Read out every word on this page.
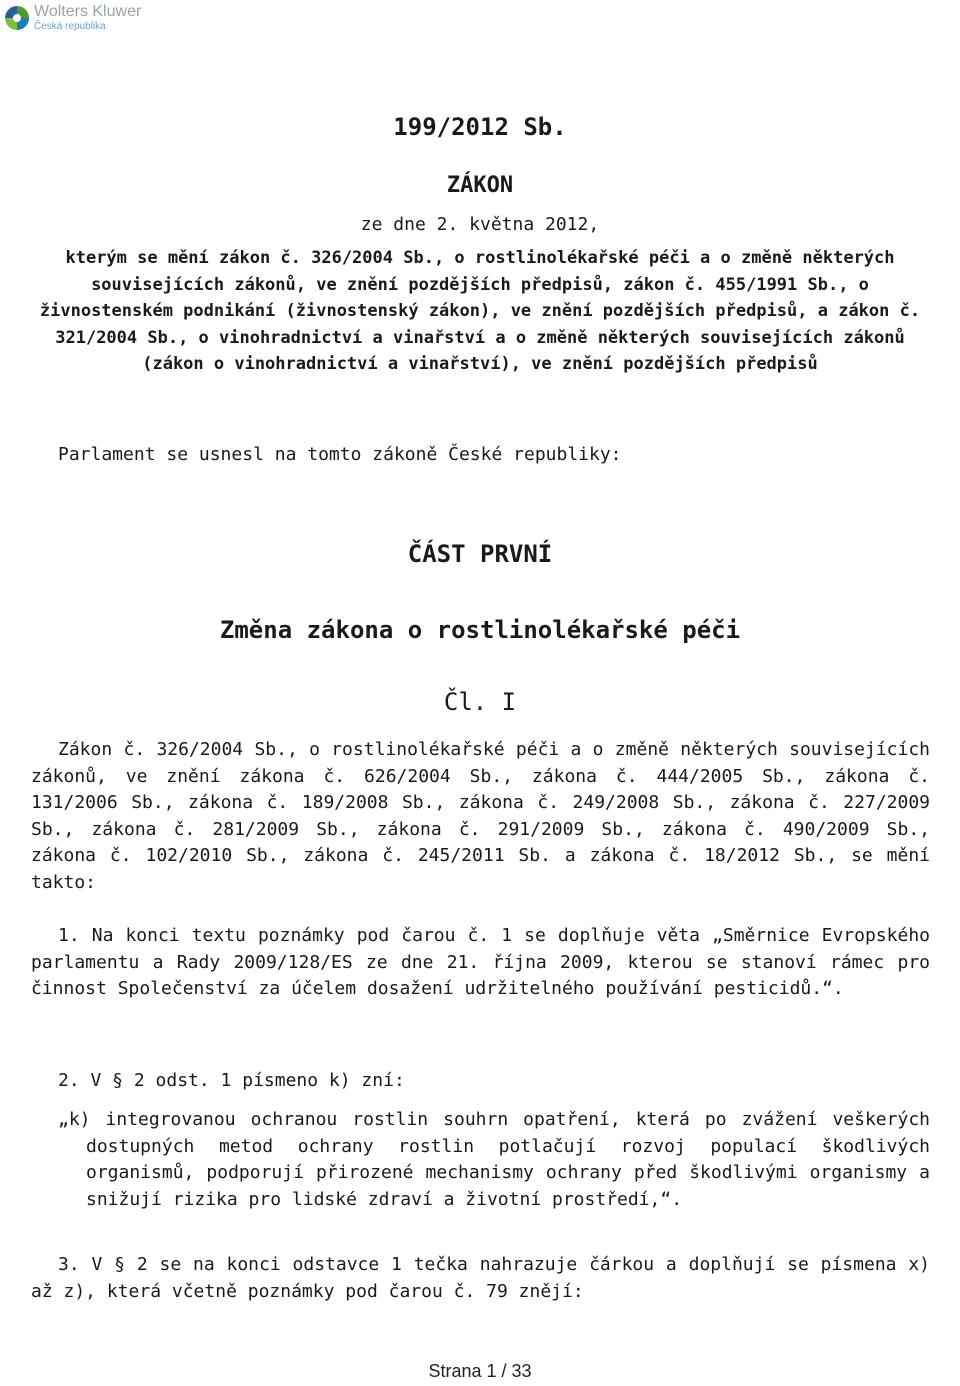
Wolters Kluwer
Česká republika
199/2012 Sb.
ZÁKON
ze dne 2. května 2012,
kterým se mění zákon č. 326/2004 Sb., o rostlinolékařské péči a o změně některých souvisejících zákonů, ve znění pozdějších předpisů, zákon č. 455/1991 Sb., o živnostenském podnikání (živnostenský zákon), ve znění pozdějších předpisů, a zákon č. 321/2004 Sb., o vinohradnictví a vinařství a o změně některých souvisejících zákonů (zákon o vinohradnictví a vinařství), ve znění pozdějších předpisů
Parlament se usnesl na tomto zákoně České republiky:
ČÁST PRVNÍ
Změna zákona o rostlinolékařské péči
Čl. I
Zákon č. 326/2004 Sb., o rostlinolékařské péči a o změně některých souvisejících zákonů, ve znění zákona č. 626/2004 Sb., zákona č. 444/2005 Sb., zákona č. 131/2006 Sb., zákona č. 189/2008 Sb., zákona č. 249/2008 Sb., zákona č. 227/2009 Sb., zákona č. 281/2009 Sb., zákona č. 291/2009 Sb., zákona č. 490/2009 Sb., zákona č. 102/2010 Sb., zákona č. 245/2011 Sb. a zákona č. 18/2012 Sb., se mění takto:
1. Na konci textu poznámky pod čarou č. 1 se doplňuje věta „Směrnice Evropského parlamentu a Rady 2009/128/ES ze dne 21. října 2009, kterou se stanoví rámec pro činnost Společenství za účelem dosažení udržitelného používání pesticidů.“.
2. V § 2 odst. 1 písmeno k) zní:
„k) integrovanou ochranou rostlin souhrn opatření, která po zvážení veškerých dostupných metod ochrany rostlin potlačují rozvoj populací škodlivých organismů, podporují přirozené mechanismy ochrany před škodlivými organismy a snižují rizika pro lidské zdraví a životní prostředí,“.
3. V § 2 se na konci odstavce 1 tečka nahrazuje čárkou a doplňují se písmena x) až z), která včetně poznámky pod čarou č. 79 znějí:
Strana 1 / 33
